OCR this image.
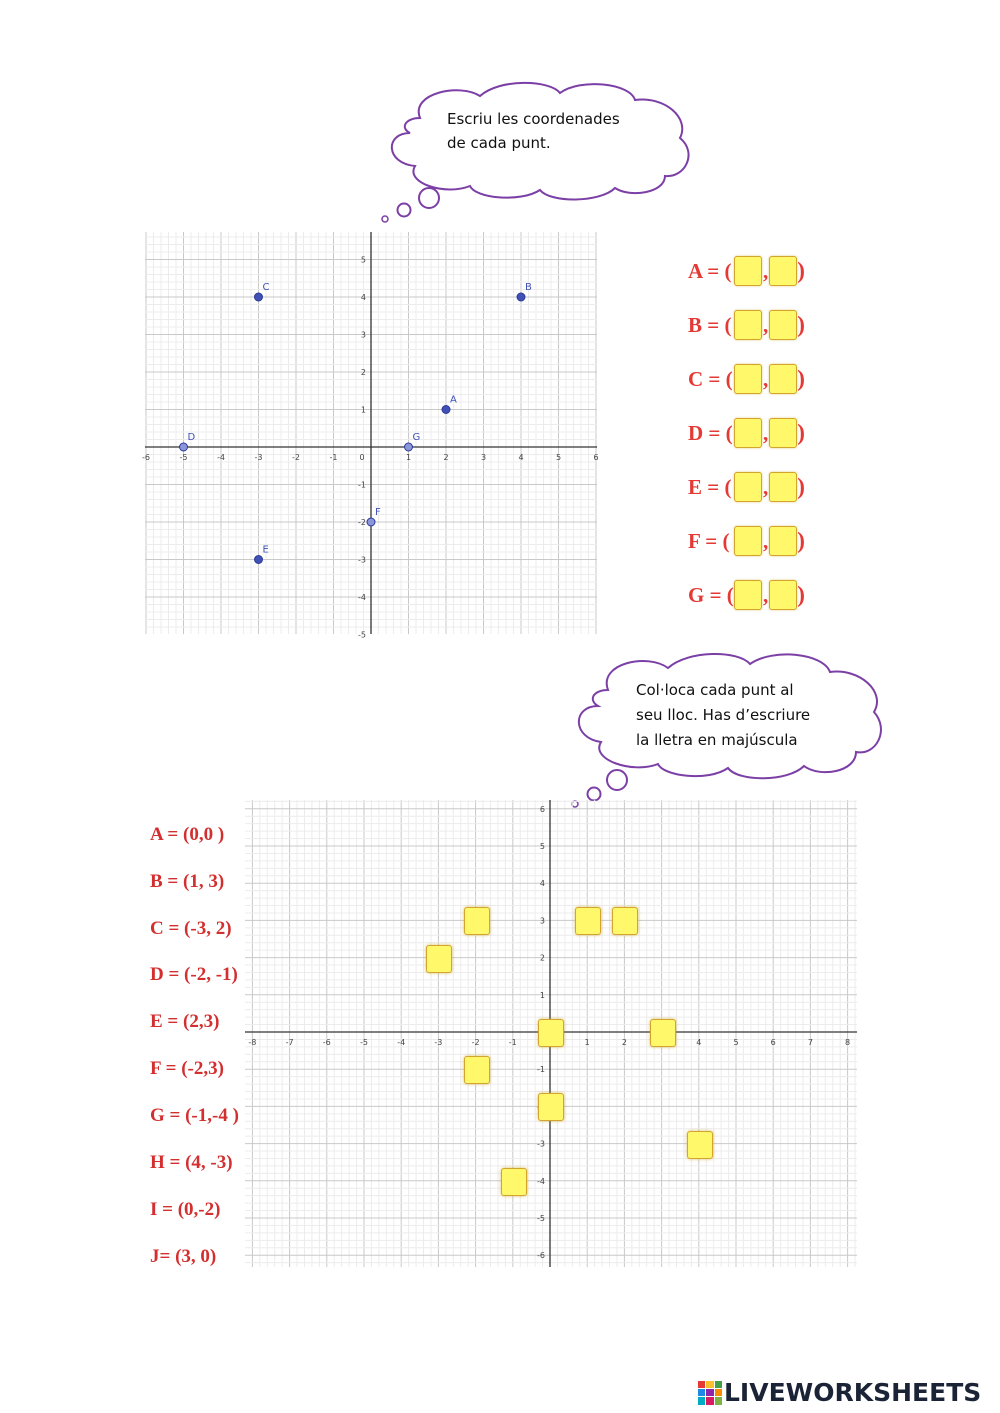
Escriu les coordenades
de cada punt.
-6	-5	-4	-3	-2	-1	0	1	2	3	4	5	6
5
4
3
2
1
-1
-2
-3
-4
-5
A
B
C
D
E
F
G
A = ( , )
B = ( , )
C = ( , )
D = ( , )
E = ( , )
F = ( , )
G = ( , )
Col·loca cada punt al
seu lloc. Has d’escriure
la lletra en majúscula
-8	-7	-6	-5	-4	-3	-2	-1	1	2	4	5	6	7	8
6
5
4
3
2
1
-1
-3
-4
-5
-6
A = (0,0 )
B = (1, 3)
C = (-3, 2)
D = (-2, -1)
E = (2,3)
F = (-2,3)
G = (-1,-4 )
H = (4, -3)
I = (0,-2)
J= (3, 0)
LIVEWORKSHEETS
